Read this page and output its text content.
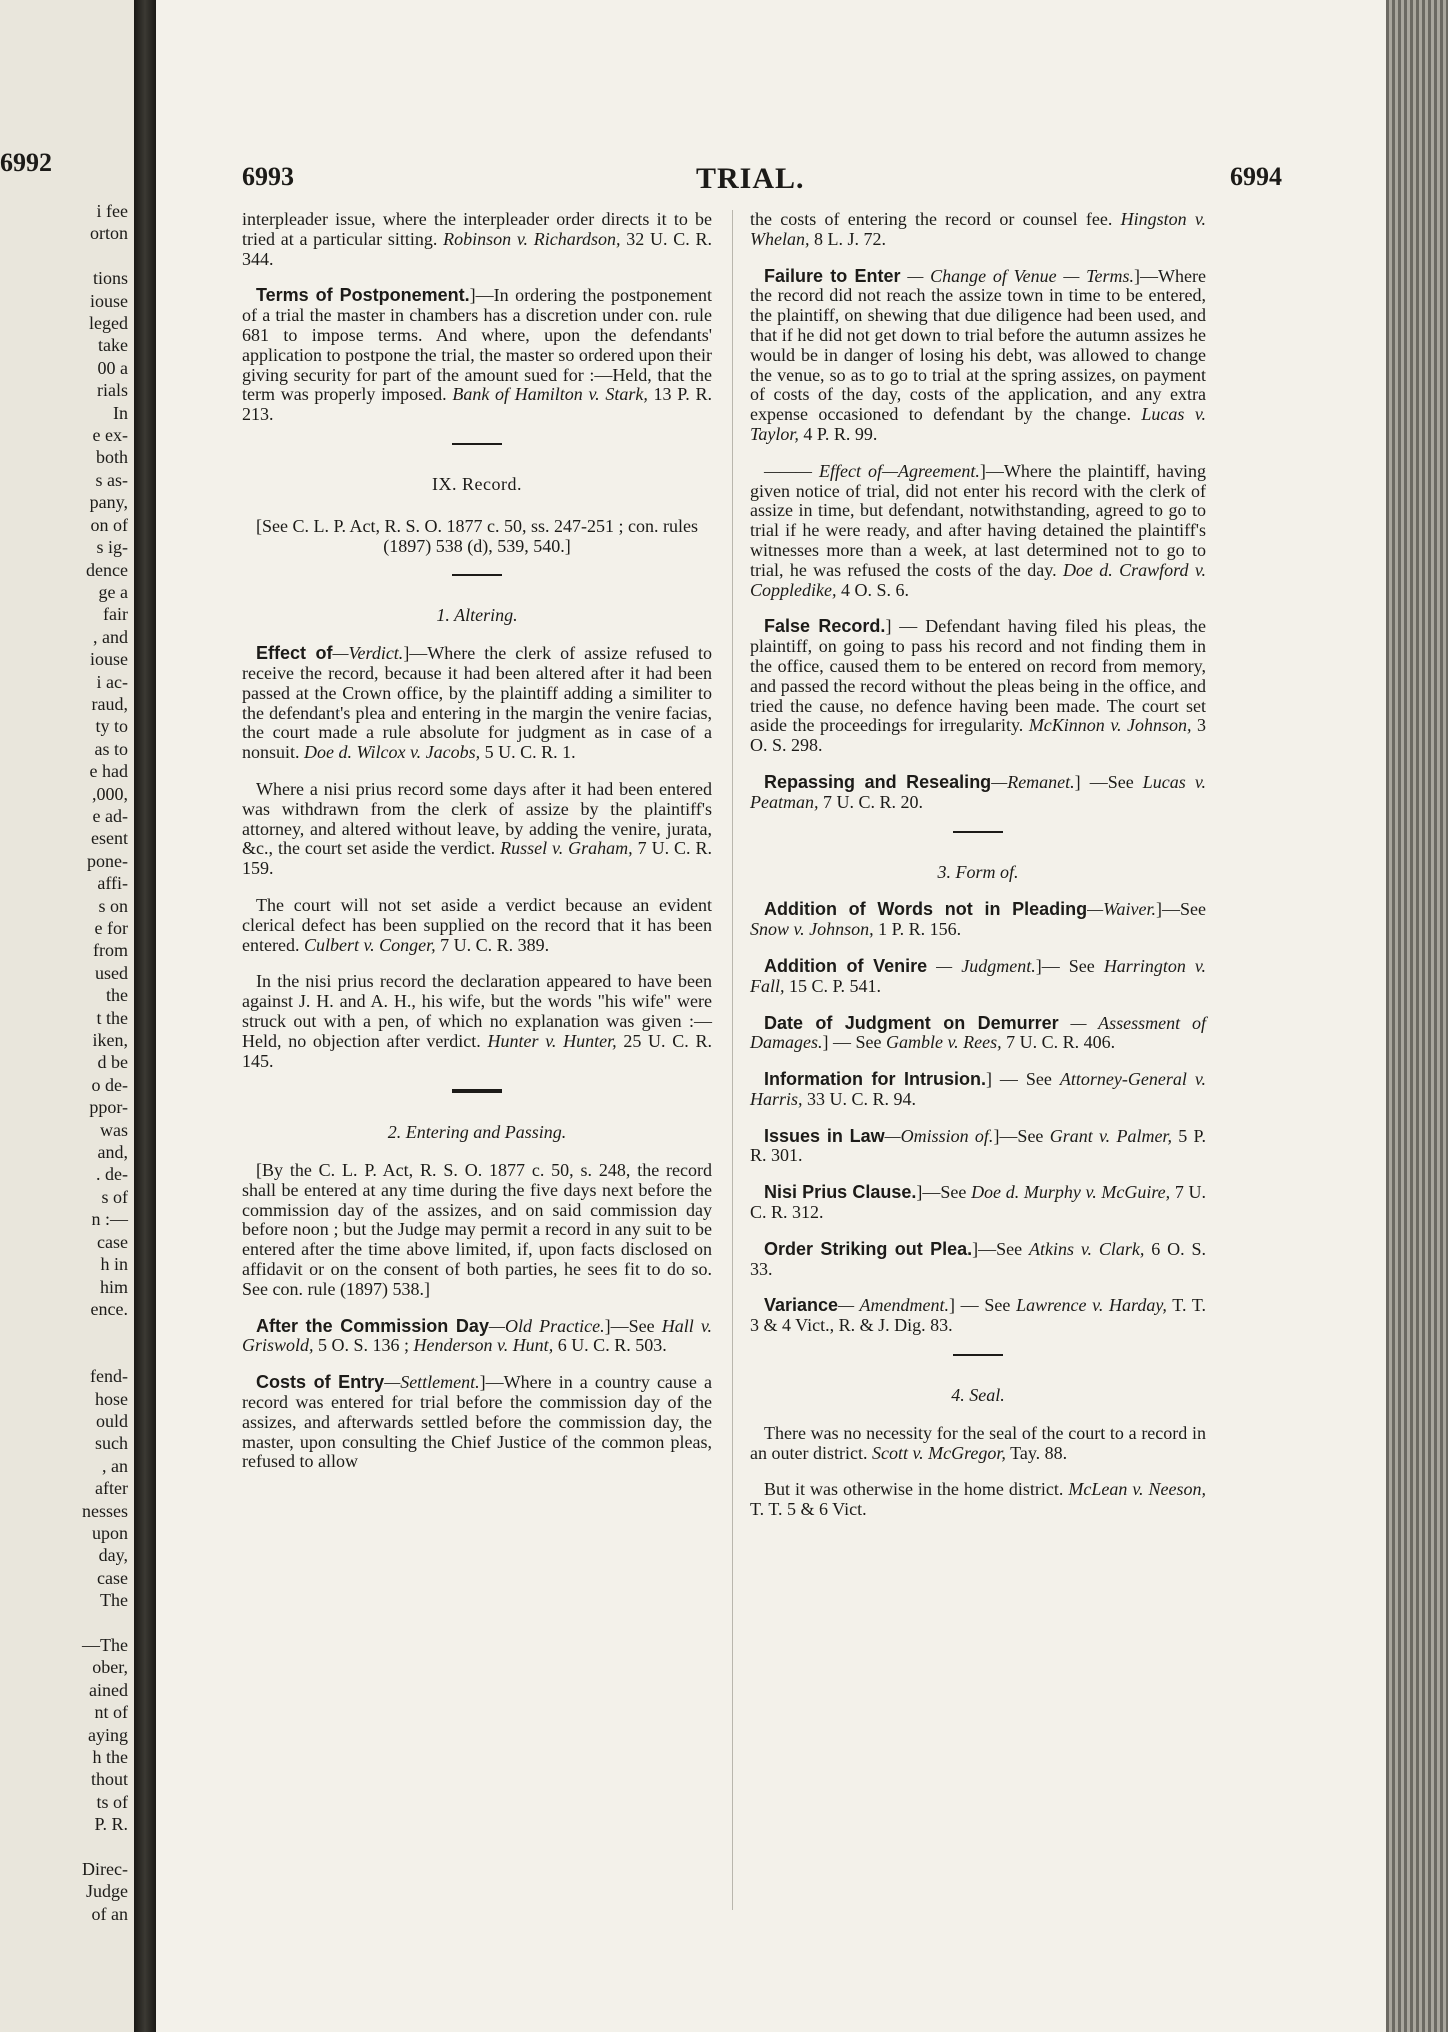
6992
i fee
orton

tions
iouse
leged
take
00 a
rials
In
e ex-
both
s as-
pany,
on of
s ig-
dence
ge a
fair
, and
iouse
i ac-
raud,
ty to
as to
e had
,000,
e ad-
esent
pone-
affi-
s on
e for
from
used
the
t the
iken,
d be
o de-
ppor-
was
and,
. de-
s of
n :—
case
h in
him
ence.

fend-
hose
ould
such
, an
after
nesses
upon
day,
case
The

—The
ober,
ained
nt of
aying
h the
thout
ts of
P. R.

Direc-
Judge
of an
6993	TRIAL.	6994

interpleader issue, where the interpleader order directs it to be tried at a particular sitting. Robinson v. Richardson, 32 U. C. R. 344.

Terms of Postponement.]—In ordering the postponement of a trial the master in chambers has a discretion under con. rule 681 to impose terms. And where, upon the defendants' application to postpone the trial, the master so ordered upon their giving security for part of the amount sued for :—Held, that the term was properly imposed. Bank of Hamilton v. Stark, 13 P. R. 213.

IX. Record.

[See C. L. P. Act, R. S. O. 1877 c. 50, ss. 247-251 ; con. rules (1897) 538 (d), 539, 540.]

1. Altering.

Effect of—Verdict.]—Where the clerk of assize refused to receive the record, because it had been altered after it had been passed at the Crown office, by the plaintiff adding a similiter to the defendant's plea and entering in the margin the venire facias, the court made a rule absolute for judgment as in case of a nonsuit. Doe d. Wilcox v. Jacobs, 5 U. C. R. 1.

Where a nisi prius record some days after it had been entered was withdrawn from the clerk of assize by the plaintiff's attorney, and altered without leave, by adding the venire, jurata, &c., the court set aside the verdict. Russel v. Graham, 7 U. C. R. 159.

The court will not set aside a verdict because an evident clerical defect has been supplied on the record that it has been entered. Culbert v. Conger, 7 U. C. R. 389.

In the nisi prius record the declaration appeared to have been against J. H. and A. H., his wife, but the words "his wife" were struck out with a pen, of which no explanation was given :—Held, no objection after verdict. Hunter v. Hunter, 25 U. C. R. 145.

2. Entering and Passing.

[By the C. L. P. Act, R. S. O. 1877 c. 50, s. 248, the record shall be entered at any time during the five days next before the commission day of the assizes, and on said commission day before noon ; but the Judge may permit a record in any suit to be entered after the time above limited, if, upon facts disclosed on affidavit or on the consent of both parties, he sees fit to do so. See con. rule (1897) 538.]

After the Commission Day—Old Practice.]—See Hall v. Griswold, 5 O. S. 136 ; Henderson v. Hunt, 6 U. C. R. 503.

Costs of Entry—Settlement.]—Where in a country cause a record was entered for trial before the commission day of the assizes, and afterwards settled before the commission day, the master, upon consulting the Chief Justice of the common pleas, refused to allow

the costs of entering the record or counsel fee. Hingston v. Whelan, 8 L. J. 72.

Failure to Enter — Change of Venue — Terms.]—Where the record did not reach the assize town in time to be entered, the plaintiff, on shewing that due diligence had been used, and that if he did not get down to trial before the autumn assizes he would be in danger of losing his debt, was allowed to change the venue, so as to go to trial at the spring assizes, on payment of costs of the day, costs of the application, and any extra expense occasioned to defendant by the change. Lucas v. Taylor, 4 P. R. 99.

——— Effect of—Agreement.]—Where the plaintiff, having given notice of trial, did not enter his record with the clerk of assize in time, but defendant, notwithstanding, agreed to go to trial if he were ready, and after having detained the plaintiff's witnesses more than a week, at last determined not to go to trial, he was refused the costs of the day. Doe d. Crawford v. Coppledike, 4 O. S. 6.

False Record.] — Defendant having filed his pleas, the plaintiff, on going to pass his record and not finding them in the office, caused them to be entered on record from memory, and passed the record without the pleas being in the office, and tried the cause, no defence having been made. The court set aside the proceedings for irregularity. McKinnon v. Johnson, 3 O. S. 298.

Repassing and Resealing—Remanet.] —See Lucas v. Peatman, 7 U. C. R. 20.

3. Form of.

Addition of Words not in Pleading—Waiver.]—See Snow v. Johnson, 1 P. R. 156.

Addition of Venire — Judgment.]— See Harrington v. Fall, 15 C. P. 541.

Date of Judgment on Demurrer — Assessment of Damages.] — See Gamble v. Rees, 7 U. C. R. 406.

Information for Intrusion.] — See Attorney-General v. Harris, 33 U. C. R. 94.

Issues in Law—Omission of.]—See Grant v. Palmer, 5 P. R. 301.

Nisi Prius Clause.]—See Doe d. Murphy v. McGuire, 7 U. C. R. 312.

Order Striking out Plea.]—See Atkins v. Clark, 6 O. S. 33.

Variance— Amendment.] — See Lawrence v. Harday, T. T. 3 & 4 Vict., R. & J. Dig. 83.

4. Seal.

There was no necessity for the seal of the court to a record in an outer district. Scott v. McGregor, Tay. 88.

But it was otherwise in the home district. McLean v. Neeson, T. T. 5 & 6 Vict.
